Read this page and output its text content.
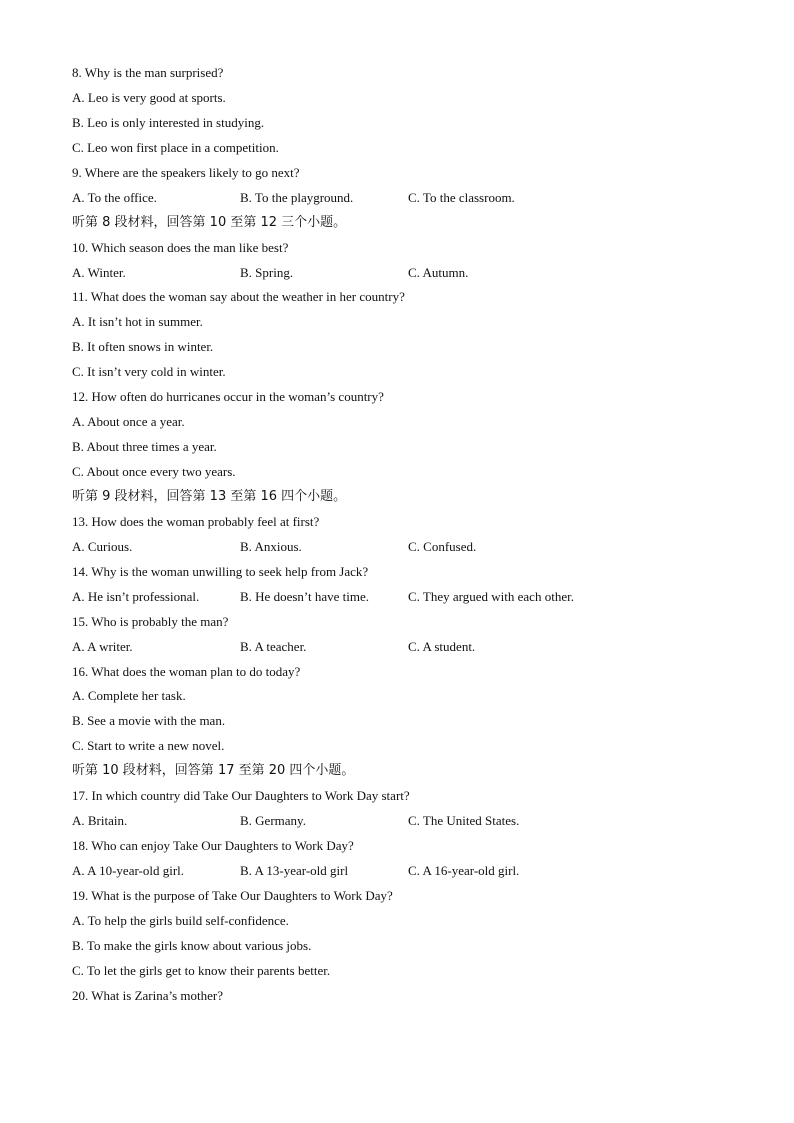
8. Why is the man surprised?
A. Leo is very good at sports.
B. Leo is only interested in studying.
C. Leo won first place in a competition.
9. Where are the speakers likely to go next?
A. To the office.	B. To the playground.	C. To the classroom.
听第 8 段材料，回答第 10 至第 12 三个小题。
10. Which season does the man like best?
A. Winter.	B. Spring.	C. Autumn.
11. What does the woman say about the weather in her country?
A. It isn’t hot in summer.
B. It often snows in winter.
C. It isn’t very cold in winter.
12. How often do hurricanes occur in the woman’s country?
A. About once a year.
B. About three times a year.
C. About once every two years.
听第 9 段材料，回答第 13 至第 16 四个小题。
13. How does the woman probably feel at first?
A. Curious.	B. Anxious.	C. Confused.
14. Why is the woman unwilling to seek help from Jack?
A. He isn’t professional.	B. He doesn’t have time.	C. They argued with each other.
15. Who is probably the man?
A. A writer.	B. A teacher.	C. A student.
16. What does the woman plan to do today?
A. Complete her task.
B. See a movie with the man.
C. Start to write a new novel.
听第 10 段材料，回答第 17 至第 20 四个小题。
17. In which country did Take Our Daughters to Work Day start?
A. Britain.	B. Germany.	C. The United States.
18. Who can enjoy Take Our Daughters to Work Day?
A. A 10-year-old girl.	B. A 13-year-old girl	C. A 16-year-old girl.
19. What is the purpose of Take Our Daughters to Work Day?
A. To help the girls build self-confidence.
B. To make the girls know about various jobs.
C. To let the girls get to know their parents better.
20. What is Zarina’s mother?
